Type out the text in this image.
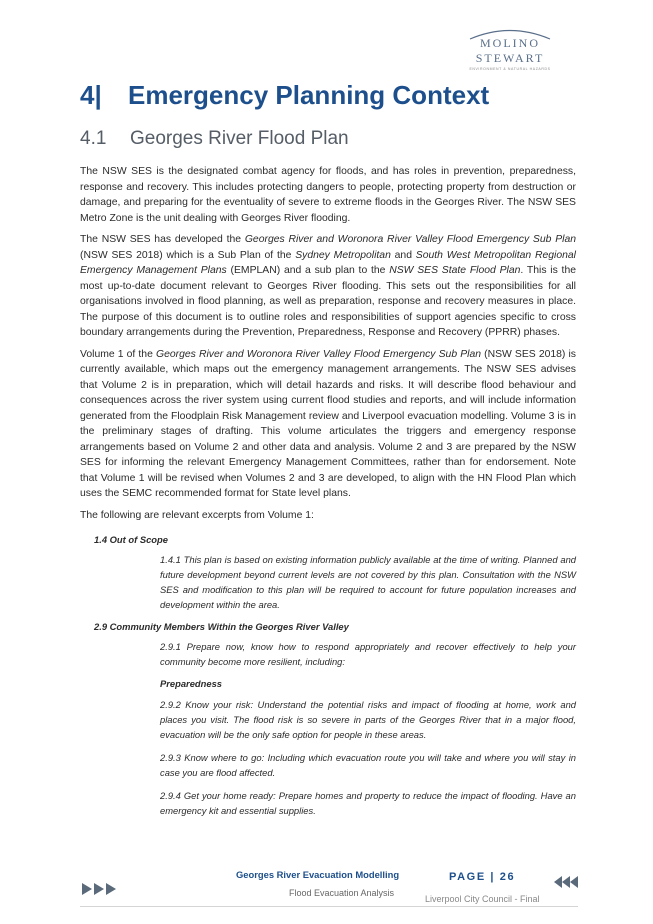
MOLINO STEWART
ENVIRONMENT & NATURAL HAZARDS
4| Emergency Planning Context
4.1 Georges River Flood Plan

The NSW SES is the designated combat agency for floods, and has roles in prevention, preparedness, response and recovery. This includes protecting dangers to people, protecting property from destruction or damage, and preparing for the eventuality of severe to extreme floods in the Georges River. The NSW SES Metro Zone is the unit dealing with Georges River flooding.

The NSW SES has developed the Georges River and Woronora River Valley Flood Emergency Sub Plan (NSW SES 2018) which is a Sub Plan of the Sydney Metropolitan and South West Metropolitan Regional Emergency Management Plans (EMPLAN) and a sub plan to the NSW SES State Flood Plan. This is the most up-to-date document relevant to Georges River flooding. This sets out the responsibilities for all organisations involved in flood planning, as well as preparation, response and recovery measures in place. The purpose of this document is to outline roles and responsibilities of support agencies specific to cross boundary arrangements during the Prevention, Preparedness, Response and Recovery (PPRR) phases.

Volume 1 of the Georges River and Woronora River Valley Flood Emergency Sub Plan (NSW SES 2018) is currently available, which maps out the emergency management arrangements. The NSW SES advises that Volume 2 is in preparation, which will detail hazards and risks. It will describe flood behaviour and consequences across the river system using current flood studies and reports, and will include information generated from the Floodplain Risk Management review and Liverpool evacuation modelling. Volume 3 is in the preliminary stages of drafting. This volume articulates the triggers and emergency response arrangements based on Volume 2 and other data and analysis. Volume 2 and 3 are prepared by the NSW SES for informing the relevant Emergency Management Committees, rather than for endorsement. Note that Volume 1 will be revised when Volumes 2 and 3 are developed, to align with the HN Flood Plan which uses the SEMC recommended format for State level plans.

The following are relevant excerpts from Volume 1:

1.4 Out of Scope
1.4.1 This plan is based on existing information publicly available at the time of writing. Planned and future development beyond current levels are not covered by this plan. Consultation with the NSW SES and modification to this plan will be required to account for future population increases and development within the area.
2.9 Community Members Within the Georges River Valley
2.9.1 Prepare now, know how to respond appropriately and recover effectively to help your community become more resilient, including:
Preparedness
2.9.2 Know your risk: Understand the potential risks and impact of flooding at home, work and places you visit. The flood risk is so severe in parts of the Georges River that in a major flood, evacuation will be the only safe option for people in these areas.
2.9.3 Know where to go: Including which evacuation route you will take and where you will stay in case you are flood affected.
2.9.4 Get your home ready: Prepare homes and property to reduce the impact of flooding. Have an emergency kit and essential supplies.
Georges River Evacuation Modelling
Flood Evacuation Analysis
PAGE | 26
Liverpool City Council - Final
